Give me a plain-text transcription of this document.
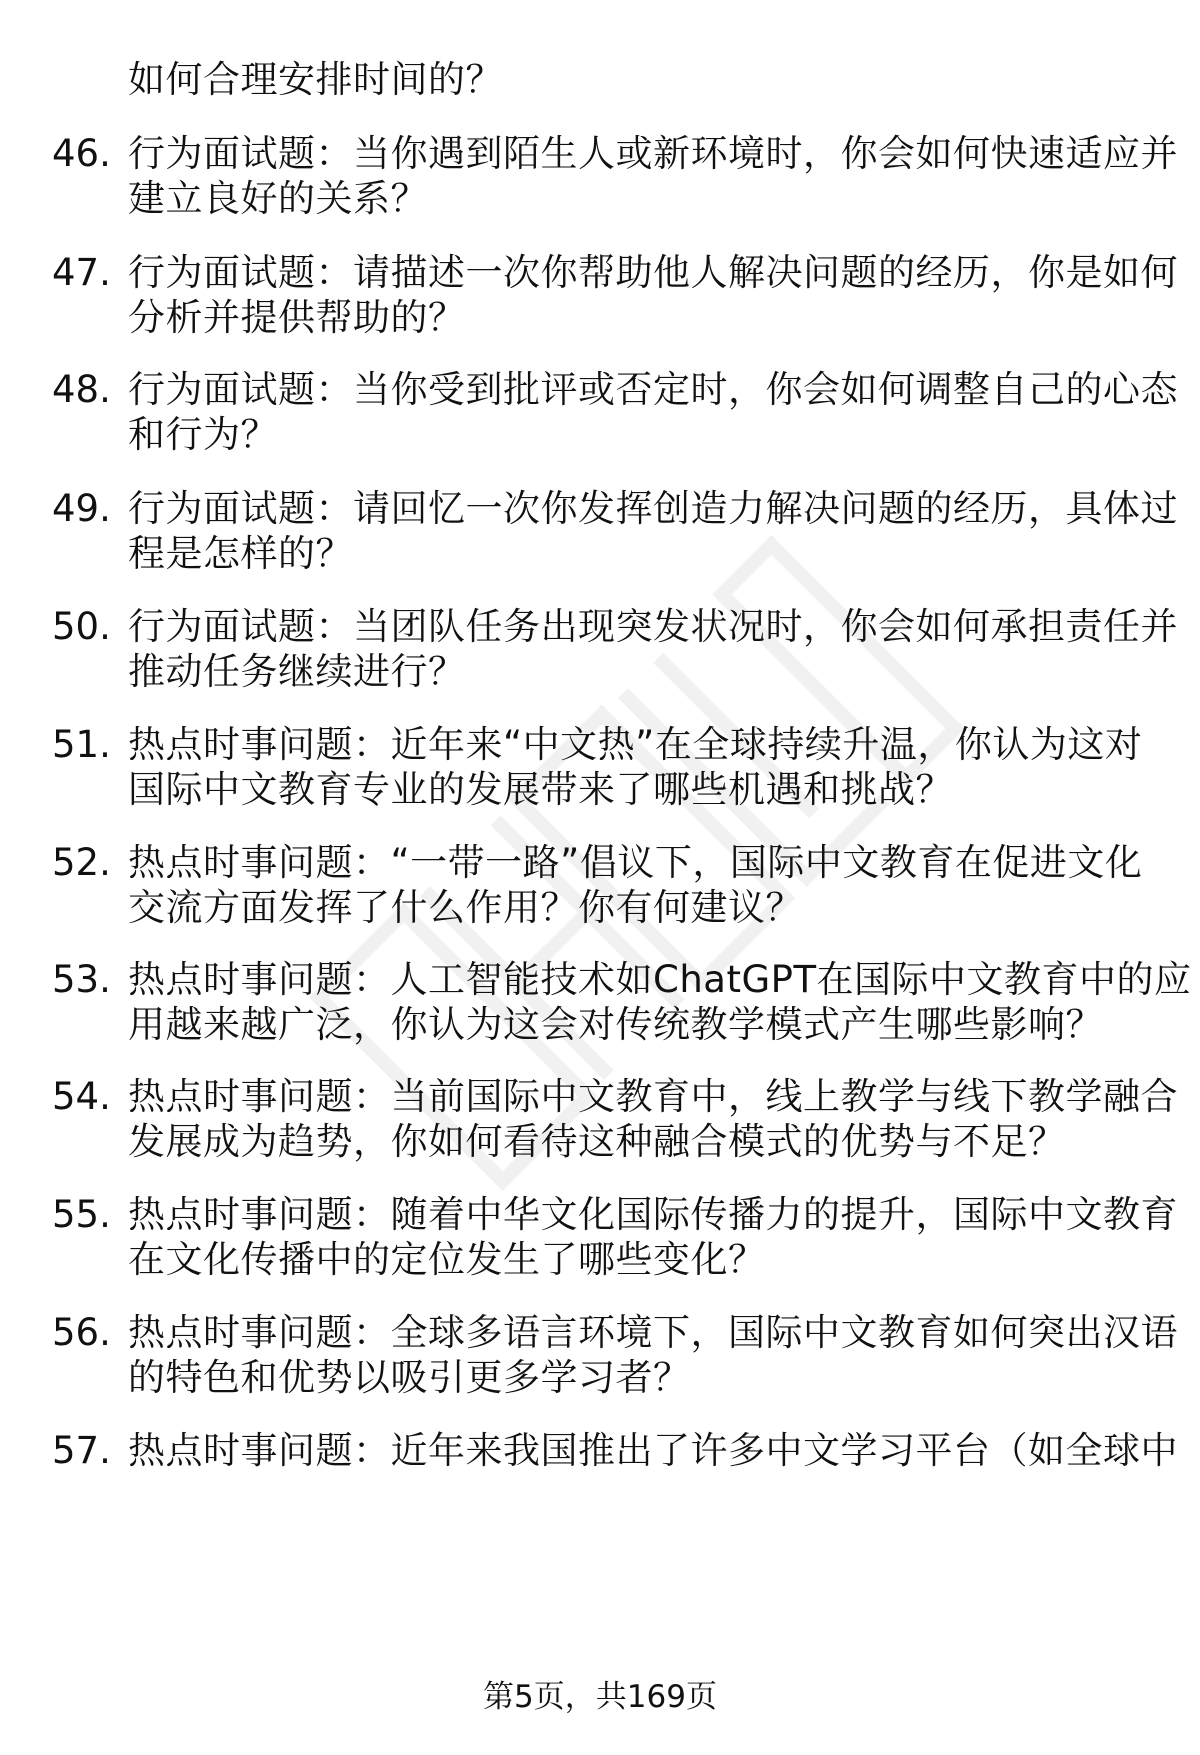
如何合理安排时间的？
46. 行为面试题：当你遇到陌生人或新环境时，你会如何快速适应并
建立良好的关系？
47. 行为面试题：请描述一次你帮助他人解决问题的经历，你是如何
分析并提供帮助的？
48. 行为面试题：当你受到批评或否定时，你会如何调整自己的心态
和行为？
49. 行为面试题：请回忆一次你发挥创造力解决问题的经历，具体过
程是怎样的？
50. 行为面试题：当团队任务出现突发状况时，你会如何承担责任并
推动任务继续进行？
51. 热点时事问题：近年来“中文热”在全球持续升温，你认为这对
国际中文教育专业的发展带来了哪些机遇和挑战？
52. 热点时事问题：“一带一路”倡议下，国际中文教育在促进文化
交流方面发挥了什么作用？你有何建议？
53. 热点时事问题：人工智能技术如ChatGPT在国际中文教育中的应
用越来越广泛，你认为这会对传统教学模式产生哪些影响？
54. 热点时事问题：当前国际中文教育中，线上教学与线下教学融合
发展成为趋势，你如何看待这种融合模式的优势与不足？
55. 热点时事问题：随着中华文化国际传播力的提升，国际中文教育
在文化传播中的定位发生了哪些变化？
56. 热点时事问题：全球多语言环境下，国际中文教育如何突出汉语
的特色和优势以吸引更多学习者？
57. 热点时事问题：近年来我国推出了许多中文学习平台（如全球中
第5页，共169页
